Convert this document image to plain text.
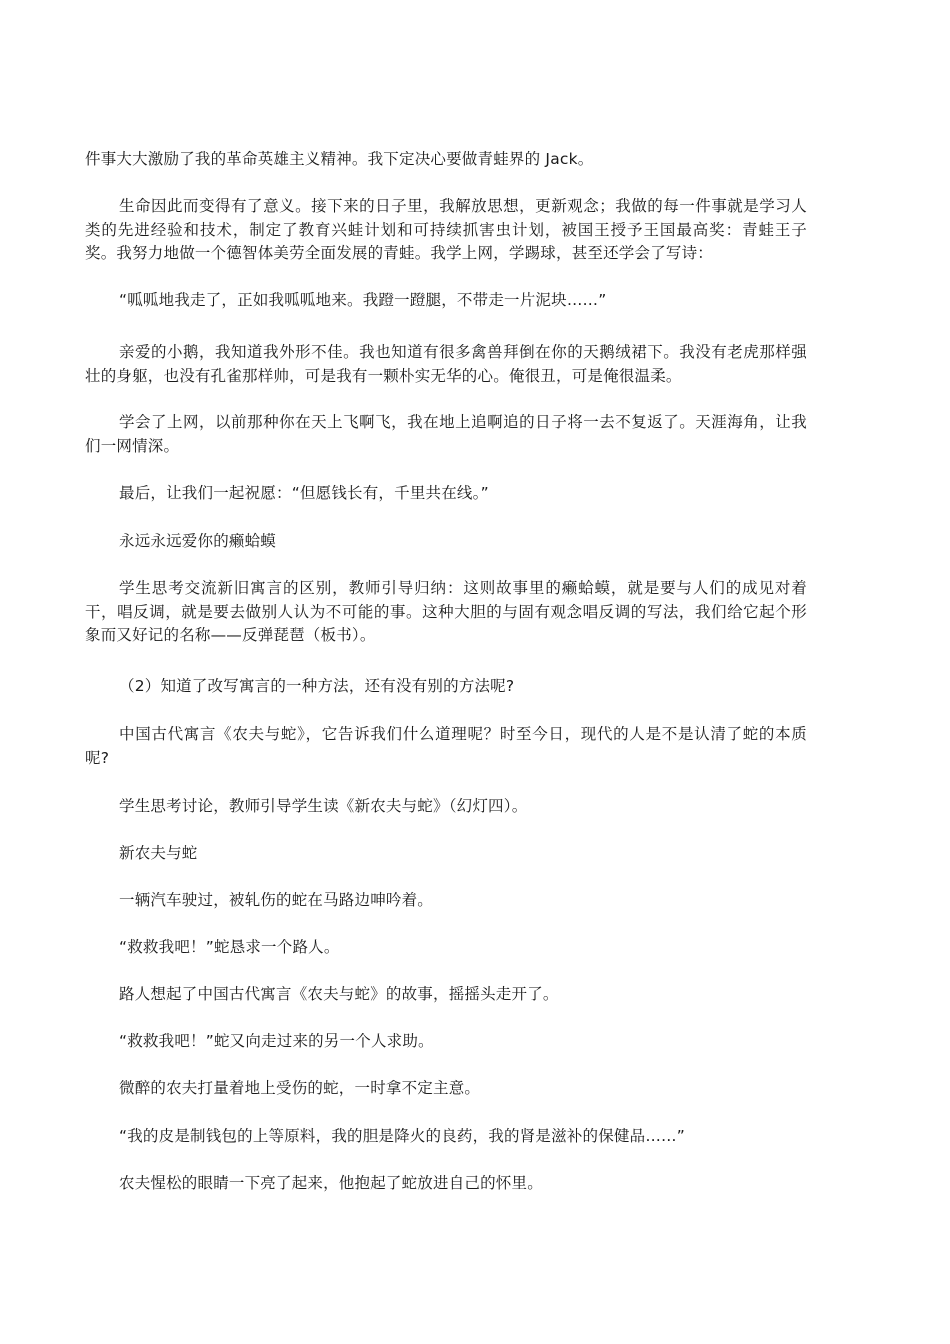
件事大大激励了我的革命英雄主义精神。我下定决心要做青蛙界的 Jack。

生命因此而变得有了意义。接下来的日子里，我解放思想，更新观念；我做的每一件事就是学习人类的先进经验和技术，制定了教育兴蛙计划和可持续抓害虫计划，被国王授予王国最高奖：青蛙王子奖。我努力地做一个德智体美劳全面发展的青蛙。我学上网，学踢球，甚至还学会了写诗：

“呱呱地我走了，正如我呱呱地来。我蹬一蹬腿，不带走一片泥块……”

亲爱的小鹅，我知道我外形不佳。我也知道有很多禽兽拜倒在你的天鹅绒裙下。我没有老虎那样强壮的身躯，也没有孔雀那样帅，可是我有一颗朴实无华的心。俺很丑，可是俺很温柔。

学会了上网，以前那种你在天上飞啊飞，我在地上追啊追的日子将一去不复返了。天涯海角，让我们一网情深。

最后，让我们一起祝愿：“但愿钱长有，千里共在线。”

永远永远爱你的癞蛤蟆

学生思考交流新旧寓言的区别，教师引导归纳：这则故事里的癞蛤蟆，就是要与人们的成见对着干，唱反调，就是要去做别人认为不可能的事。这种大胆的与固有观念唱反调的写法，我们给它起个形象而又好记的名称——反弹琵琶（板书）。

（2）知道了改写寓言的一种方法，还有没有别的方法呢?

中国古代寓言《农夫与蛇》，它告诉我们什么道理呢？时至今日，现代的人是不是认清了蛇的本质呢?

学生思考讨论，教师引导学生读《新农夫与蛇》（幻灯四）。

新农夫与蛇

一辆汽车驶过，被轧伤的蛇在马路边呻吟着。

“救救我吧！”蛇恳求一个路人。

路人想起了中国古代寓言《农夫与蛇》的故事，摇摇头走开了。

“救救我吧！”蛇又向走过来的另一个人求助。

微醉的农夫打量着地上受伤的蛇，一时拿不定主意。

“我的皮是制钱包的上等原料，我的胆是降火的良药，我的肾是滋补的保健品……”

农夫惺松的眼睛一下亮了起来，他抱起了蛇放进自己的怀里。
